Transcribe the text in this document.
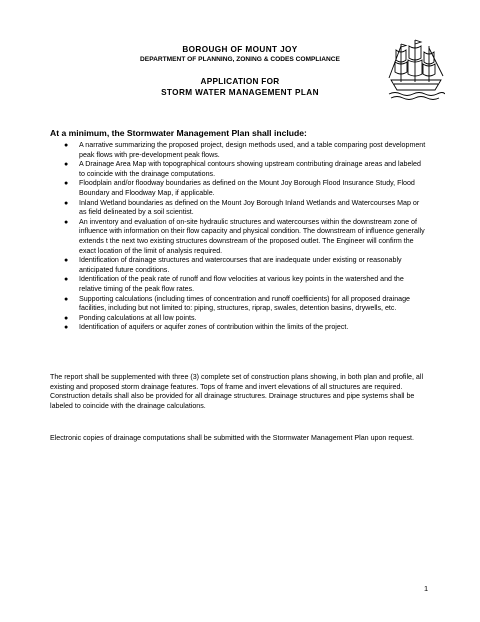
BOROUGH OF MOUNT JOY
DEPARTMENT OF PLANNING, ZONING & CODES COMPLIANCE
APPLICATION FOR
STORM WATER MANAGEMENT PLAN
At a minimum, the Stormwater Management Plan shall include:
● A narrative summarizing the proposed project, design methods used, and a table comparing post development peak flows with pre-development peak flows.
● A Drainage Area Map with topographical contours showing upstream contributing drainage areas and labeled to coincide with the drainage computations.
● Floodplain and/or floodway boundaries as defined on the Mount Joy Borough Flood Insurance Study, Flood Boundary and Floodway Map, if applicable.
● Inland Wetland boundaries as defined on the Mount Joy Borough Inland Wetlands and Watercourses Map or as field delineated by a soil scientist.
● An inventory and evaluation of on-site hydraulic structures and watercourses within the downstream zone of influence with information on their flow capacity and physical condition. The downstream of influence generally extends t the next two existing structures downstream of the proposed outlet. The Engineer will confirm the exact location of the limit of analysis required.
● Identification of drainage structures and watercourses that are inadequate under existing or reasonably anticipated future conditions.
● Identification of the peak rate of runoff and flow velocities at various key points in the watershed and the relative timing of the peak flow rates.
● Supporting calculations (including times of concentration and runoff coefficients) for all proposed drainage facilities, including but not limited to: piping, structures, riprap, swales, detention basins, drywells, etc.
● Ponding calculations at all low points.
● Identification of aquifers or aquifer zones of contribution within the limits of the project.
The report shall be supplemented with three (3) complete set of construction plans showing, in both plan and profile, all existing and proposed storm drainage features. Tops of frame and invert elevations of all structures are required. Construction details shall also be provided for all drainage structures. Drainage structures and pipe systems shall be labeled to coincide with the drainage calculations.
Electronic copies of drainage computations shall be submitted with the Stormwater Management Plan upon request.
1
